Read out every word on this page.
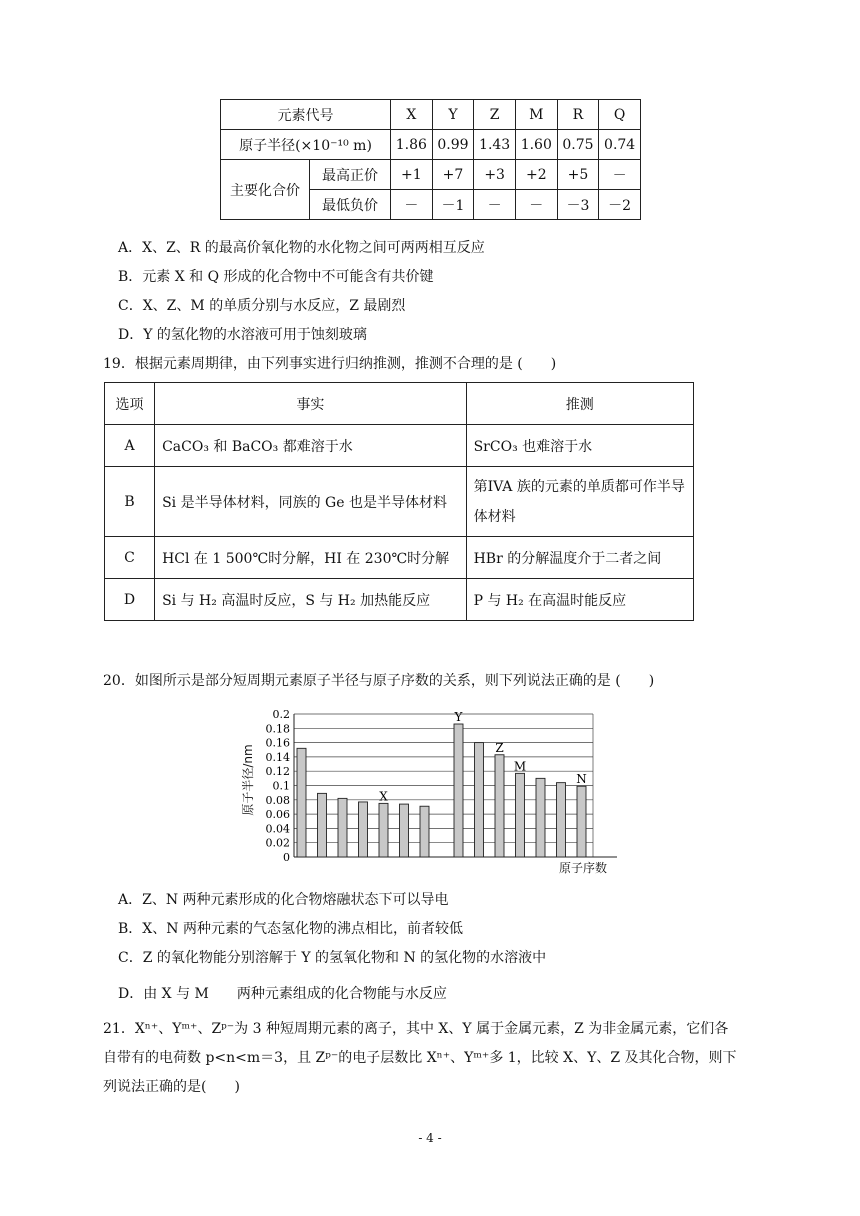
元素代号		X	Y	Z	M	R	Q
原子半径(×10⁻¹⁰ m)		1.86	0.99	1.43	1.60	0.75	0.74
主要化合价	最高正价	+1	+7	+3	+2	+5	－
	最低负价	－	－1	－	－	－3	－2
A．X、Z、R 的最高价氧化物的水化物之间可两两相互反应
B．元素 X 和 Q 形成的化合物中不可能含有共价键
C．X、Z、M 的单质分别与水反应，Z 最剧烈
D．Y 的氢化物的水溶液可用于蚀刻玻璃
19．根据元素周期律，由下列事实进行归纳推测，推测不合理的是 (　　)
选项	事实	推测
A	CaCO₃ 和 BaCO₃ 都难溶于水	SrCO₃ 也难溶于水
B	Si 是半导体材料，同族的 Ge 也是半导体材料	第IVA 族的元素的单质都可作半导体材料
C	HCl 在 1 500℃时分解，HI 在 230℃时分解	HBr 的分解温度介于二者之间
D	Si 与 H₂ 高温时反应，S 与 H₂ 加热能反应	P 与 H₂ 在高温时能反应
20．如图所示是部分短周期元素原子半径与原子序数的关系，则下列说法正确的是 (　　)
X
Y
Z
M
N
0.2
0.18
0.16
0.14
0.12
0.1
0.08
0.06
0.04
0.02
0
原子半径/nm
原子序数
A．Z、N 两种元素形成的化合物熔融状态下可以导电
B．X、N 两种元素的气态氢化物的沸点相比，前者较低
C．Z 的氧化物能分别溶解于 Y 的氢氧化物和 N 的氢化物的水溶液中
D．由 X 与 M　　两种元素组成的化合物能与水反应
21．Xⁿ⁺、Yᵐ⁺、Zᵖ⁻为 3 种短周期元素的离子，其中 X、Y 属于金属元素，Z 为非金属元素，它们各
自带有的电荷数 p<n<m＝3，且 Zᵖ⁻的电子层数比 Xⁿ⁺、Yᵐ⁺多 1，比较 X、Y、Z 及其化合物，则下
列说法正确的是(　　)
- 4 -
